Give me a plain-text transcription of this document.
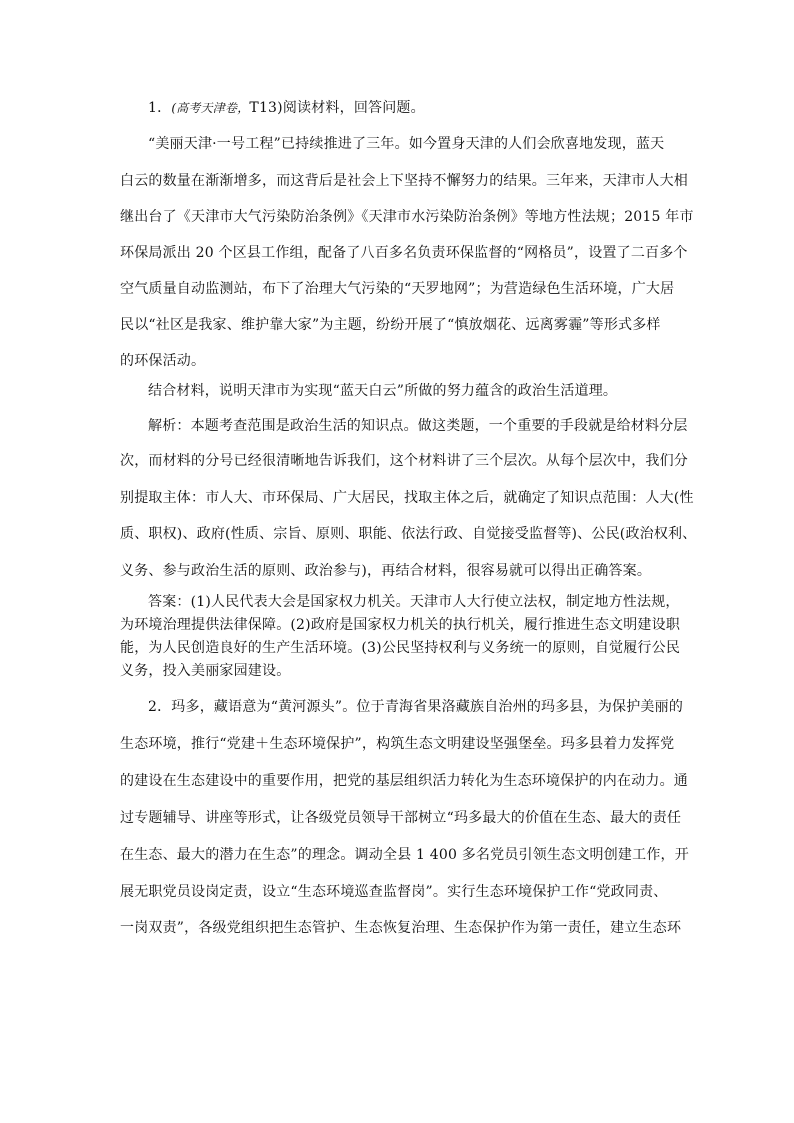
1．(高考天津卷，T13)阅读材料，回答问题。
“美丽天津·一号工程”已持续推进了三年。如今置身天津的人们会欣喜地发现，蓝天
白云的数量在渐渐增多，而这背后是社会上下坚持不懈努力的结果。三年来，天津市人大相
继出台了《天津市大气污染防治条例》《天津市水污染防治条例》等地方性法规；2015 年市
环保局派出 20 个区县工作组，配备了八百多名负责环保监督的“网格员”，设置了二百多个
空气质量自动监测站，布下了治理大气污染的“天罗地网”；为营造绿色生活环境，广大居
民以“社区是我家、维护靠大家”为主题，纷纷开展了“慎放烟花、远离雾霾”等形式多样
的环保活动。
结合材料，说明天津市为实现“蓝天白云”所做的努力蕴含的政治生活道理。
解析：本题考查范围是政治生活的知识点。做这类题，一个重要的手段就是给材料分层
次，而材料的分号已经很清晰地告诉我们，这个材料讲了三个层次。从每个层次中，我们分
别提取主体：市人大、市环保局、广大居民，找取主体之后，就确定了知识点范围：人大(性
质、职权)、政府(性质、宗旨、原则、职能、依法行政、自觉接受监督等)、公民(政治权利、
义务、参与政治生活的原则、政治参与)，再结合材料，很容易就可以得出正确答案。
答案：(1)人民代表大会是国家权力机关。天津市人大行使立法权，制定地方性法规，
为环境治理提供法律保障。(2)政府是国家权力机关的执行机关，履行推进生态文明建设职
能，为人民创造良好的生产生活环境。(3)公民坚持权利与义务统一的原则，自觉履行公民
义务，投入美丽家园建设。
2．玛多，藏语意为“黄河源头”。位于青海省果洛藏族自治州的玛多县，为保护美丽的
生态环境，推行“党建＋生态环境保护”，构筑生态文明建设坚强堡垒。玛多县着力发挥党
的建设在生态建设中的重要作用，把党的基层组织活力转化为生态环境保护的内在动力。通
过专题辅导、讲座等形式，让各级党员领导干部树立“玛多最大的价值在生态、最大的责任
在生态、最大的潜力在生态”的理念。调动全县 1 400 多名党员引领生态文明创建工作，开
展无职党员设岗定责，设立“生态环境巡查监督岗”。实行生态环境保护工作“党政同责、
一岗双责”，各级党组织把生态管护、生态恢复治理、生态保护作为第一责任，建立生态环
